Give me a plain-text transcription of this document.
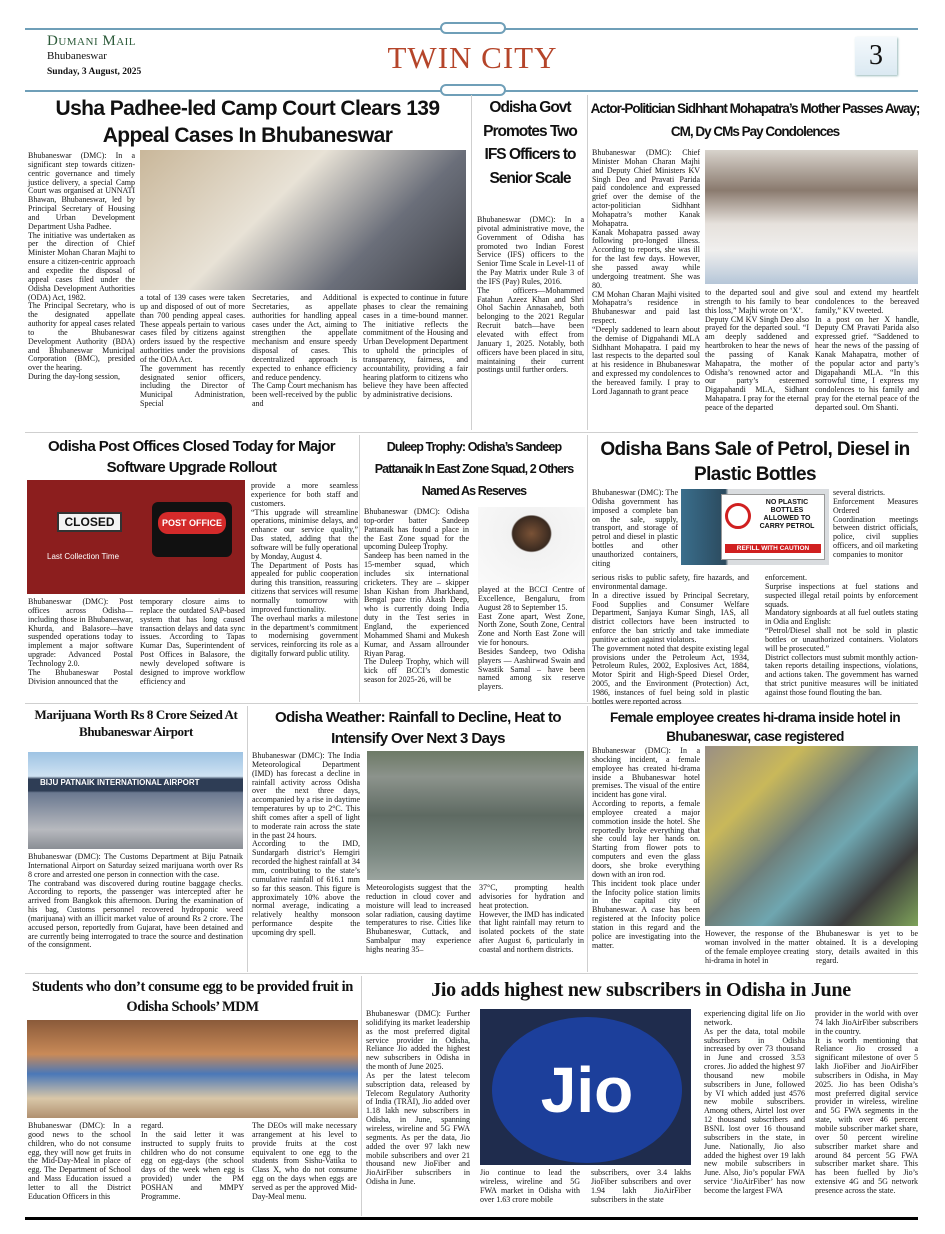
Dumani Mail
Bhubaneswar
Sunday, 3 August, 2025	TWIN CITY	3
Usha Padhee-led Camp Court Clears 139 Appeal Cases In Bhubaneswar
Bhubaneswar (DMC): In a significant step towards citizen-centric governance and timely justice delivery, a special Camp Court was organised at UNNATI Bhawan, Bhubaneswar, led by Principal Secretary of Housing and Urban Development Department Usha Padhee.
The initiative was undertaken as per the direction of Chief Minister Mohan Charan Majhi to ensure a citizen-centric approach and expedite the disposal of appeal cases filed under the Odisha Development Authorities (ODA) Act, 1982.
The Principal Secretary, who is the designated appellate authority for appeal cases related to the Bhubaneswar Development Authority (BDA) and Bhubaneswar Municipal Corporation (BMC), presided over the hearing.
During the day-long session,
a total of 139 cases were taken up and disposed of out of more than 700 pending appeal cases. These appeals pertain to various cases filed by citizens against orders issued by the respective authorities under the provisions of the ODA Act.
The government has recently designated senior officers, including the Director of Municipal Administration, Special
Secretaries, and Additional Secretaries, as appellate authorities for handling appeal cases under the Act, aiming to strengthen the appellate mechanism and ensure speedy disposal of cases. This decentralized approach is expected to enhance efficiency and reduce pendency.
The Camp Court mechanism has been well-received by the public and
is expected to continue in future phases to clear the remaining cases in a time-bound manner. The initiative reflects the commitment of the Housing and Urban Development Department to uphold the principles of transparency, fairness, and accountability, providing a fair hearing platform to citizens who believe they have been affected by administrative decisions.
Odisha Govt Promotes Two IFS Officers to Senior Scale
Bhubaneswar (DMC): In a pivotal administrative move, the Government of Odisha has promoted two Indian Forest Service (IFS) officers to the Senior Time Scale in Level-11 of the Pay Matrix under Rule 3 of the IFS (Pay) Rules, 2016.
The officers—Mohammed Fatahun Azeez Khan and Shri Ohol Sachin Annasaheb, both belonging to the 2021 Regular Recruit batch—have been elevated with effect from January 1, 2025. Notably, both officers have been placed in situ, maintaining their current postings until further orders.
Actor-Politician Sidhhant Mohapatra’s Mother Passes Away; CM, Dy CMs Pay Condolences
Bhubaneswar (DMC): Chief Minister Mohan Charan Majhi and Deputy Chief Ministers KV Singh Deo and Pravati Parida paid condolence and expressed grief over the demise of the actor-politician Sidhhant Mohapatra’s mother Kanak Mohapatra.
Kanak Mohapatra passed away following pro-longed illness. According to reports, she was ill for the last few days. However, she passed away while undergoing treatment. She was 80.
CM Mohan Charan Majhi visited Mohapatra’s residence in Bhubaneswar and paid last respect.
“Deeply saddened to learn about the demise of Digpahandi MLA Sidhhant Mohapatra. I paid my last respects to the departed soul at his residence in Bhubaneswar and expressed my condolences to the bereaved family. I pray to Lord Jagannath to grant peace
to the departed soul and give strength to his family to bear this loss,” Majhi wrote on ‘X’.
Deputy CM KV Singh Deo also prayed for the departed soul. “I am deeply saddened and heartbroken to hear the news of the passing of Kanak Mahapatra, the mother of Odisha’s renowned actor and our party’s esteemed Digapahandi MLA, Sidhant Mahapatra. I pray for the eternal peace of the departed
soul and extend my heartfelt condolences to the bereaved family,” KV tweeted.
In a post on her X handle, Deputy CM Pravati Parida also expressed grief. “Saddened to hear the news of the passing of Kanak Mahapatra, mother of the popular actor and party’s Digapahandi MLA. “In this sorrowful time, I express my condolences to his family and pray for the eternal peace of the departed soul. Om Shanti.
Odisha Post Offices Closed Today for Major Software Upgrade Rollout
CLOSED
Last Collection Time
POST OFFICE
Bhubaneswar (DMC): Post offices across Odisha—including those in Bhubaneswar, Khurda, and Balasore—have suspended operations today to implement a major software upgrade: Advanced Postal Technology 2.0.
The Bhubaneswar Postal Division announced that the
temporary closure aims to replace the outdated SAP-based system that has long caused transaction delays and data sync issues. According to Tapas Kumar Das, Superintendent of Post Offices in Balasore, the newly developed software is designed to improve workflow efficiency and
provide a more seamless experience for both staff and customers.
“This upgrade will streamline operations, minimise delays, and enhance our service quality,” Das stated, adding that the software will be fully operational by Monday, August 4.
The Department of Posts has appealed for public cooperation during this transition, reassuring citizens that services will resume normally tomorrow with improved functionality.
The overhaul marks a milestone in the department’s commitment to modernising government services, reinforcing its role as a digitally forward public utility.
Duleep Trophy: Odisha’s Sandeep Pattanaik In East Zone Squad, 2 Others Named As Reserves
Bhubaneswar (DMC): Odisha top-order batter Sandeep Pattanaik has found a place in the East Zone squad for the upcoming Duleep Trophy.
Sandeep has been named in the 15-member squad, which includes six international cricketers. They are – skipper Ishan Kishan from Jharkhand, Bengal pace trio Akash Deep, who is currently doing India duty in the Test series in England, the experienced Mohammed Shami and Mukesh Kumar, and Assam allrounder Riyan Parag.
The Duleep Trophy, which will kick off BCCI’s domestic season for 2025-26, will be
played at the BCCI Centre of Excellence, Bengaluru, from August 28 to September 15.
East Zone apart, West Zone, North Zone, South Zone, Central Zone and North East Zone will vie for honours.
Besides Sandeep, two Odisha players — Aashirwad Swain and Swastik Samal – have been named among six reserve players.
Odisha Bans Sale of Petrol, Diesel in Plastic Bottles
NO PLASTIC BOTTLES ALLOWED TO CARRY PETROL
REFILL WITH CAUTION
Bhubaneswar (DMC): The Odisha government has imposed a complete ban on the sale, supply, transport, and storage of petrol and diesel in plastic bottles and other unauthorized containers, citing
several districts.
Enforcement Measures Ordered
Coordination meetings between district officials, police, civil supplies officers, and oil marketing companies to monitor
serious risks to public safety, fire hazards, and environmental damage.
In a directive issued by Principal Secretary, Food Supplies and Consumer Welfare Department, Sanjaya Kumar Singh, IAS, all district collectors have been instructed to enforce the ban strictly and take immediate punitive action against violators.
The government noted that despite existing legal provisions under the Petroleum Act, 1934, Petroleum Rules, 2002, Explosives Act, 1884, Motor Spirit and High-Speed Diesel Order, 2005, and the Environment (Protection) Act, 1986, instances of fuel being sold in plastic bottles were reported across
enforcement.
Surprise inspections at fuel stations and suspected illegal retail points by enforcement squads.
Mandatory signboards at all fuel outlets stating in Odia and English:
“Petrol/Diesel shall not be sold in plastic bottles or unauthorized containers. Violators will be prosecuted.”
District collectors must submit monthly action-taken reports detailing inspections, violations, and actions taken. The government has warned that strict punitive measures will be initiated against those found flouting the ban.
Marijuana Worth Rs 8 Crore Seized At Bhubaneswar Airport
BIJU PATNAIK INTERNATIONAL AIRPORT
Bhubaneswar (DMC): The Customs Department at Biju Patnaik International Airport on Saturday seized marijuana worth over Rs 8 crore and arrested one person in connection with the case.
The contraband was discovered during routine baggage checks. According to reports, the passenger was intercepted after he arrived from Bangkok this afternoon. During the examination of his bag, Customs personnel recovered hydroponic weed (marijuana) with an illicit market value of around Rs 2 crore. The accused person, reportedly from Gujarat, have been detained and are currently being interrogated to trace the source and destination of the consignment.
Odisha Weather: Rainfall to Decline, Heat to Intensify Over Next 3 Days
Bhubaneswar (DMC): The India Meteorological Department (IMD) has forecast a decline in rainfall activity across Odisha over the next three days, accompanied by a rise in daytime temperatures by up to 2°C. This shift comes after a spell of light to moderate rain across the state in the past 24 hours.
According to the IMD, Sundargarh district’s Hemgiri recorded the highest rainfall at 34 mm, contributing to the state’s cumulative rainfall of 616.1 mm so far this season. This figure is approximately 10% above the normal average, indicating a relatively healthy monsoon performance despite the upcoming dry spell.
Meteorologists suggest that the reduction in cloud cover and moisture will lead to increased solar radiation, causing daytime temperatures to rise. Cities like Bhubaneswar, Cuttack, and Sambalpur may experience highs nearing 35–
37°C, prompting health advisories for hydration and heat protection.
However, the IMD has indicated that light rainfall may return to isolated pockets of the state after August 6, particularly in coastal and northern districts.
Female employee creates hi-drama inside hotel in Bhubaneswar, case registered
Bhubaneswar (DMC): In a shocking incident, a female employee has created hi-drama inside a Bhubaneswar hotel premises. The visual of the entire incident has gone viral.
According to reports, a female employee created a major commotion inside the hotel. She reportedly broke everything that she could lay her hands on. Starting from flower pots to computers and even the glass doors, she broke everything down with an iron rod.
This incident took place under the Infocity police station limits in the capital city of Bhubaneswar. A case has been registered at the Infocity police station in this regard and the police are investigating into the matter.
However, the response of the woman involved in the matter of the female employee creating hi-drama in hotel in
Bhubaneswar is yet to be obtained. It is a developing story, details awaited in this regard.
Students who don’t consume egg to be provided fruit in Odisha Schools’ MDM
Bhubaneswar (DMC): In a good news to the school children, who do not consume egg, they will now get fruits in the Mid-Day-Meal in place of egg. The Department of School and Mass Education issued a letter to all the District Education Officers in this
regard.
In the said letter it was instructed to supply fruits to children who do not consume egg on egg-days (the school days of the week when egg is provided) under the PM POSHAN and MMPY Programme.
The DEOs will make necessary arrangement at his level to provide fruits at the cost equivalent to one egg to the students from Sishu-Vatika to Class X, who do not consume egg on the days when eggs are served as per the approved Mid-Day-Meal menu.
Jio adds highest new subscribers in Odisha in June
Jio
Bhubaneswar (DMC): Further solidifying its market leadership as the most preferred digital service provider in Odisha, Reliance Jio added the highest new subscribers in Odisha in the month of June 2025.
As per the latest telecom subscription data, released by Telecom Regulatory Authority of India (TRAI), Jio added over 1.18 lakh new subscribers in Odisha, in June, spanning wireless, wireline and 5G FWA segments. As per the data, Jio added the over 97 lakh new mobile subscribers and over 21 thousand new JioFiber and JioAirFiber subscribers in Odisha in June.
Jio continue to lead the wireless, wireline and 5G FWA market in Odisha with over 1.63 crore mobile
subscribers, over 3.4 lakhs JioFiber subscribers and over 1.94 lakh JioAirFiber subscribers in the state
experiencing digital life on Jio network.
As per the data, total mobile subscribers in Odisha increased by over 73 thousand in June and crossed 3.53 crores. Jio added the highest 97 thousand new mobile subscribers in June, followed by VI which added just 4576 new mobile subscribers. Among others, Airtel lost over 12 thousand subscribers and BSNL lost over 16 thousand subscribers in the state, in June. Nationally, Jio also added the highest over 19 lakh new mobile subscribers in June. Also, Jio’s popular FWA service ‘JioAirFiber’ has now become the largest FWA
provider in the world with over 74 lakh JioAirFiber subscribers in the country.
It is worth mentioning that Reliance Jio crossed a significant milestone of over 5 lakh JioFiber and JioAirFiber subscribers in Odisha, in May 2025. Jio has been Odisha’s most preferred digital service provider in wireless, wireline and 5G FWA segments in the state, with over 46 percent mobile subscriber market share, over 50 percent wireline subscriber market share and around 84 percent 5G FWA subscriber market share. This has been fuelled by Jio’s extensive 4G and 5G network presence across the state.
